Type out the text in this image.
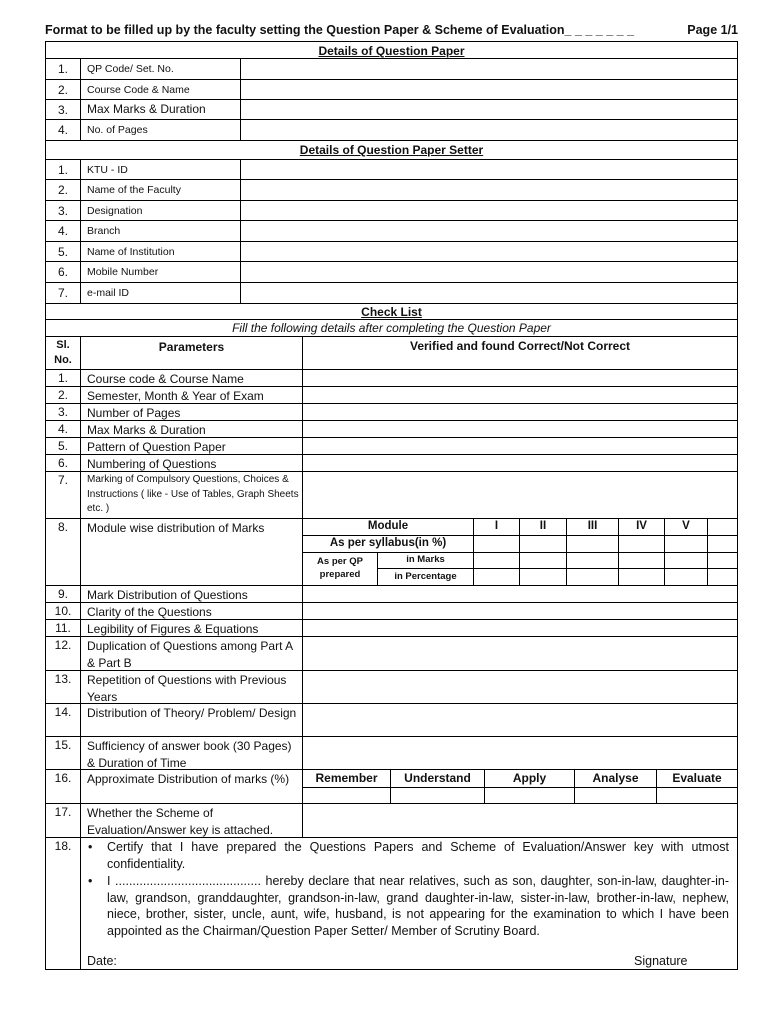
Format to be filled up by the faculty setting the Question Paper & Scheme of Evaluation_ _ _ _ _ _ _	Page 1/1
Details of Question Paper
1.	QP Code/ Set. No.
2.	Course Code & Name
3.	Max Marks & Duration
4.	No. of Pages
Details of Question Paper Setter
1.	KTU - ID
2.	Name of the Faculty
3.	Designation
4.	Branch
5.	Name of Institution
6.	Mobile Number
7.	e-mail ID
Check List
Fill the following details after completing the Question Paper
Sl. No.
Parameters	Verified and found Correct/Not Correct
1.	Course code & Course Name
2.	Semester, Month & Year of Exam
3.	Number of Pages
4.	Max Marks & Duration
5.	Pattern of Question Paper
6.	Numbering of Questions
7.	Marking of Compulsory Questions, Choices & Instructions ( like - Use of Tables, Graph Sheets etc. )
8.	Module wise distribution of Marks	Module	I	II	III	IV	V
As per syllabus(in %)
As per QP prepared
in Marks
in Percentage
9.	Mark Distribution of Questions
10.	Clarity of the Questions
11.	Legibility of Figures & Equations
12.	Duplication of Questions among Part A & Part B
13.	Repetition of Questions with Previous Years
14.	Distribution of Theory/ Problem/ Design
15.	Sufficiency of answer book (30 Pages) & Duration of Time
16.	Approximate Distribution of marks (%)	Remember	Understand	Apply	Analyse	Evaluate
17.	Whether the Scheme of Evaluation/Answer key is attached.
18.	• Certify that I have prepared the Questions Papers and Scheme of Evaluation/Answer key with utmost confidentiality.
• I .......................................... hereby declare that near relatives, such as son, daughter, son-in-law, daughter-in-law, grandson, granddaughter, grandson-in-law, grand daughter-in-law, sister-in-law, brother-in-law, nephew, niece, brother, sister, uncle, aunt, wife, husband, is not appearing for the examination to which I have been appointed as the Chairman/Question Paper Setter/ Member of Scrutiny Board.
Date:	Signature
